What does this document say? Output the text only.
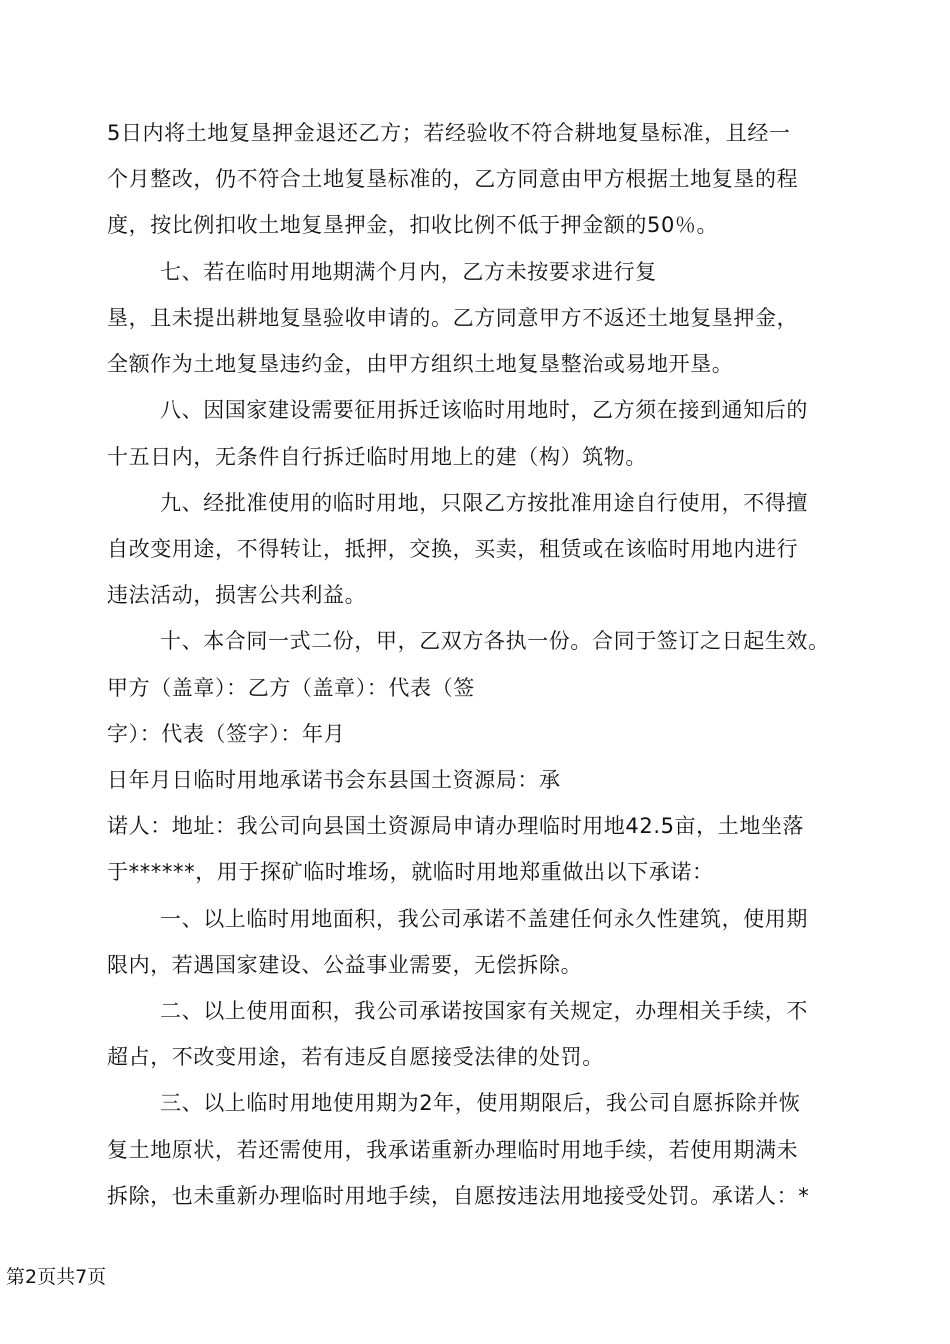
5日内将土地复垦押金退还乙方；若经验收不符合耕地复垦标准，且经一
个月整改，仍不符合土地复垦标准的，乙方同意由甲方根据土地复垦的程
度，按比例扣收土地复垦押金，扣收比例不低于押金额的50％。
七、若在临时用地期满个月内，乙方未按要求进行复
垦，且未提出耕地复垦验收申请的。乙方同意甲方不返还土地复垦押金，
全额作为土地复垦违约金，由甲方组织土地复垦整治或易地开垦。
八、因国家建设需要征用拆迁该临时用地时，乙方须在接到通知后的
十五日内，无条件自行拆迁临时用地上的建（构）筑物。
九、经批准使用的临时用地，只限乙方按批准用途自行使用，不得擅
自改变用途，不得转让，抵押，交换，买卖，租赁或在该临时用地内进行
违法活动，损害公共利益。
十、本合同一式二份，甲，乙双方各执一份。合同于签订之日起生效。
甲方（盖章）：乙方（盖章）：代表（签
字）：代表（签字）：年月
日年月日临时用地承诺书会东县国土资源局：承
诺人：地址：我公司向县国土资源局申请办理临时用地42.5亩，土地坐落
于******，用于探矿临时堆场，就临时用地郑重做出以下承诺：
一、以上临时用地面积，我公司承诺不盖建任何永久性建筑，使用期
限内，若遇国家建设、公益事业需要，无偿拆除。
二、以上使用面积，我公司承诺按国家有关规定，办理相关手续，不
超占，不改变用途，若有违反自愿接受法律的处罚。
三、以上临时用地使用期为2年，使用期限后，我公司自愿拆除并恢
复土地原状，若还需使用，我承诺重新办理临时用地手续，若使用期满未
拆除，也未重新办理临时用地手续，自愿按违法用地接受处罚。承诺人：*
第2页共7页
